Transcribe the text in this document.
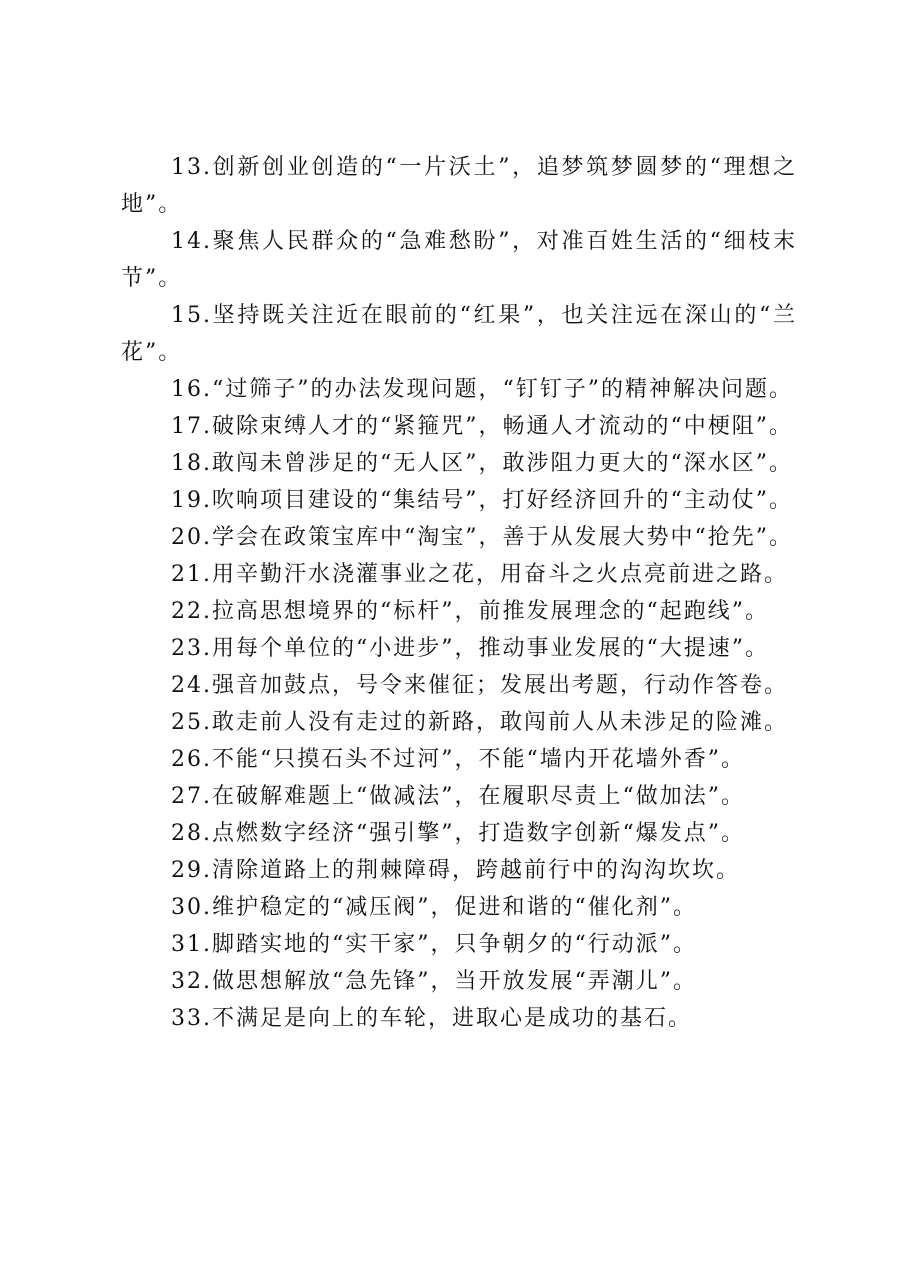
13.创新创业创造的“一片沃土”，追梦筑梦圆梦的“理想之地”。

14.聚焦人民群众的“急难愁盼”，对准百姓生活的“细枝末节”。

15.坚持既关注近在眼前的“红果”，也关注远在深山的“兰花”。

16.“过筛子”的办法发现问题，“钉钉子”的精神解决问题。

17.破除束缚人才的“紧箍咒”，畅通人才流动的“中梗阻”。

18.敢闯未曾涉足的“无人区”，敢涉阻力更大的“深水区”。

19.吹响项目建设的“集结号”，打好经济回升的“主动仗”。

20.学会在政策宝库中“淘宝”，善于从发展大势中“抢先”。

21.用辛勤汗水浇灌事业之花，用奋斗之火点亮前进之路。

22.拉高思想境界的“标杆”，前推发展理念的“起跑线”。

23.用每个单位的“小进步”，推动事业发展的“大提速”。

24.强音加鼓点，号令来催征；发展出考题，行动作答卷。

25.敢走前人没有走过的新路，敢闯前人从未涉足的险滩。

26.不能“只摸石头不过河”，不能“墙内开花墙外香”。

27.在破解难题上“做减法”，在履职尽责上“做加法”。

28.点燃数字经济“强引擎”，打造数字创新“爆发点”。

29.清除道路上的荆棘障碍，跨越前行中的沟沟坎坎。

30.维护稳定的“减压阀”，促进和谐的“催化剂”。

31.脚踏实地的“实干家”，只争朝夕的“行动派”。

32.做思想解放“急先锋”，当开放发展“弄潮儿”。

33.不满足是向上的车轮，进取心是成功的基石。
